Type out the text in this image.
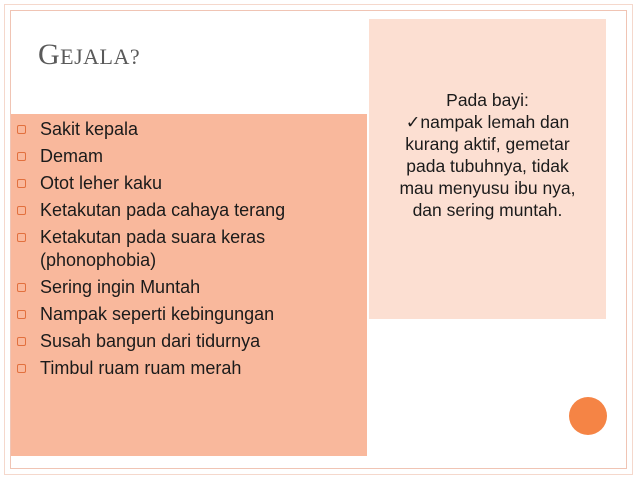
GEJALA?
Sakit kepala
Demam
Otot leher kaku
Ketakutan pada cahaya terang
Ketakutan pada suara keras (phonophobia)
Sering ingin Muntah
Nampak seperti kebingungan
Susah bangun dari tidurnya
Timbul ruam ruam merah
Pada bayi:
✓nampak lemah dan
kurang aktif, gemetar
pada tubuhnya, tidak
mau menyusu ibu nya,
dan sering muntah.
